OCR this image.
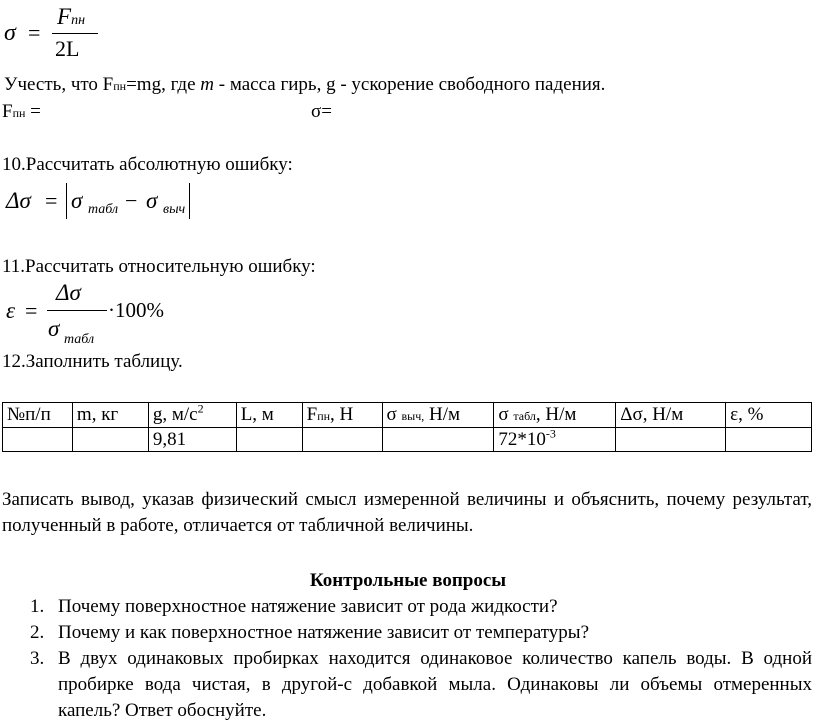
σ =
Fпн
2L
Учесть, что Fпн=mg, где m - масса гирь, g - ускорение свободного падения.
Fпн =	σ=
10.Рассчитать абсолютную ошибку:
Δσ = σ табл − σ выч
11.Рассчитать относительную ошибку:
ε =
Δσ
σ табл
·100%
12.Заполнить таблицу.
№п/п	m, кг	g, $м/с^2$	L, м	Fпн, Н	σ выч, Н/м	σ табл, Н/м	Δσ, Н/м	ε, %
		9,81				$72*10^{-3}$		
Записать вывод, указав физический смысл измеренной величины и объяснить, почему результат, полученный в работе, отличается от табличной величины.
Контрольные вопросы
1. Почему поверхностное натяжение зависит от рода жидкости?
2. Почему и как поверхностное натяжение зависит от температуры?
3. В двух одинаковых пробирках находится одинаковое количество капель воды. В одной пробирке вода чистая, в другой-с добавкой мыла. Одинаковы ли объемы отмеренных капель? Ответ обоснуйте.
